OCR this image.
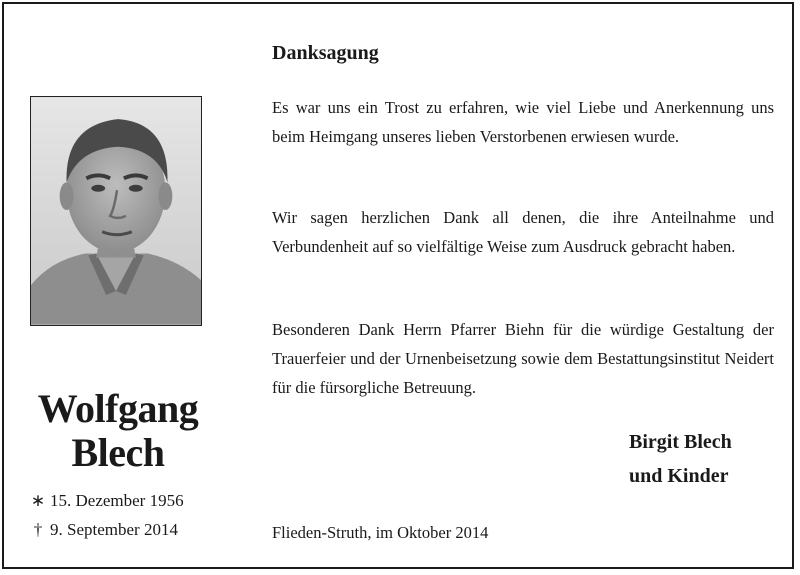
Wolfgang
Blech
∗ 15. Dezember 1956
† 9. September 2014
Danksagung
Es war uns ein Trost zu erfahren, wie viel Liebe und Anerkennung uns beim Heimgang unseres lieben Verstorbenen erwiesen wurde.
Wir sagen herzlichen Dank all denen, die ihre Anteilnahme und Verbundenheit auf so vielfältige Weise zum Ausdruck gebracht haben.
Besonderen Dank Herrn Pfarrer Biehn für die würdige Gestaltung der Trauerfeier und der Urnenbeisetzung sowie dem Bestattungsinstitut Neidert für die fürsorgliche Betreuung.
Birgit Blech
und Kinder
Flieden-Struth, im Oktober 2014
